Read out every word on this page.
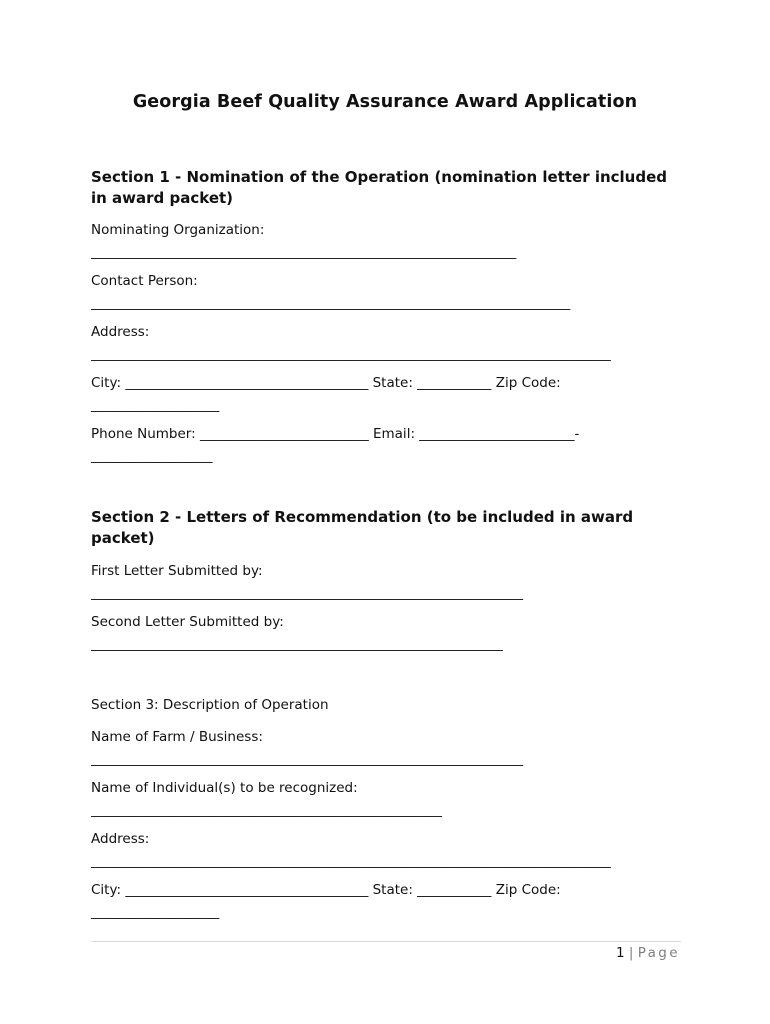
Georgia Beef Quality Assurance Award Application
Section 1 - Nomination of the Operation (nomination letter included in award packet)
Nominating Organization:
_______________________________________________________________
Contact Person:
_______________________________________________________________________
Address:
_____________________________________________________________________________
City: ____________________________________ State: ___________ Zip Code:
___________________
Phone Number: _________________________ Email: _______________________-
__________________
Section 2 - Letters of Recommendation (to be included in award packet)
First Letter Submitted by:
________________________________________________________________
Second Letter Submitted by:
_____________________________________________________________
Section 3: Description of Operation
Name of Farm / Business:
________________________________________________________________
Name of Individual(s) to be recognized:
____________________________________________________
Address:
_____________________________________________________________________________
City: ____________________________________ State: ___________ Zip Code:
___________________
1 | Page
